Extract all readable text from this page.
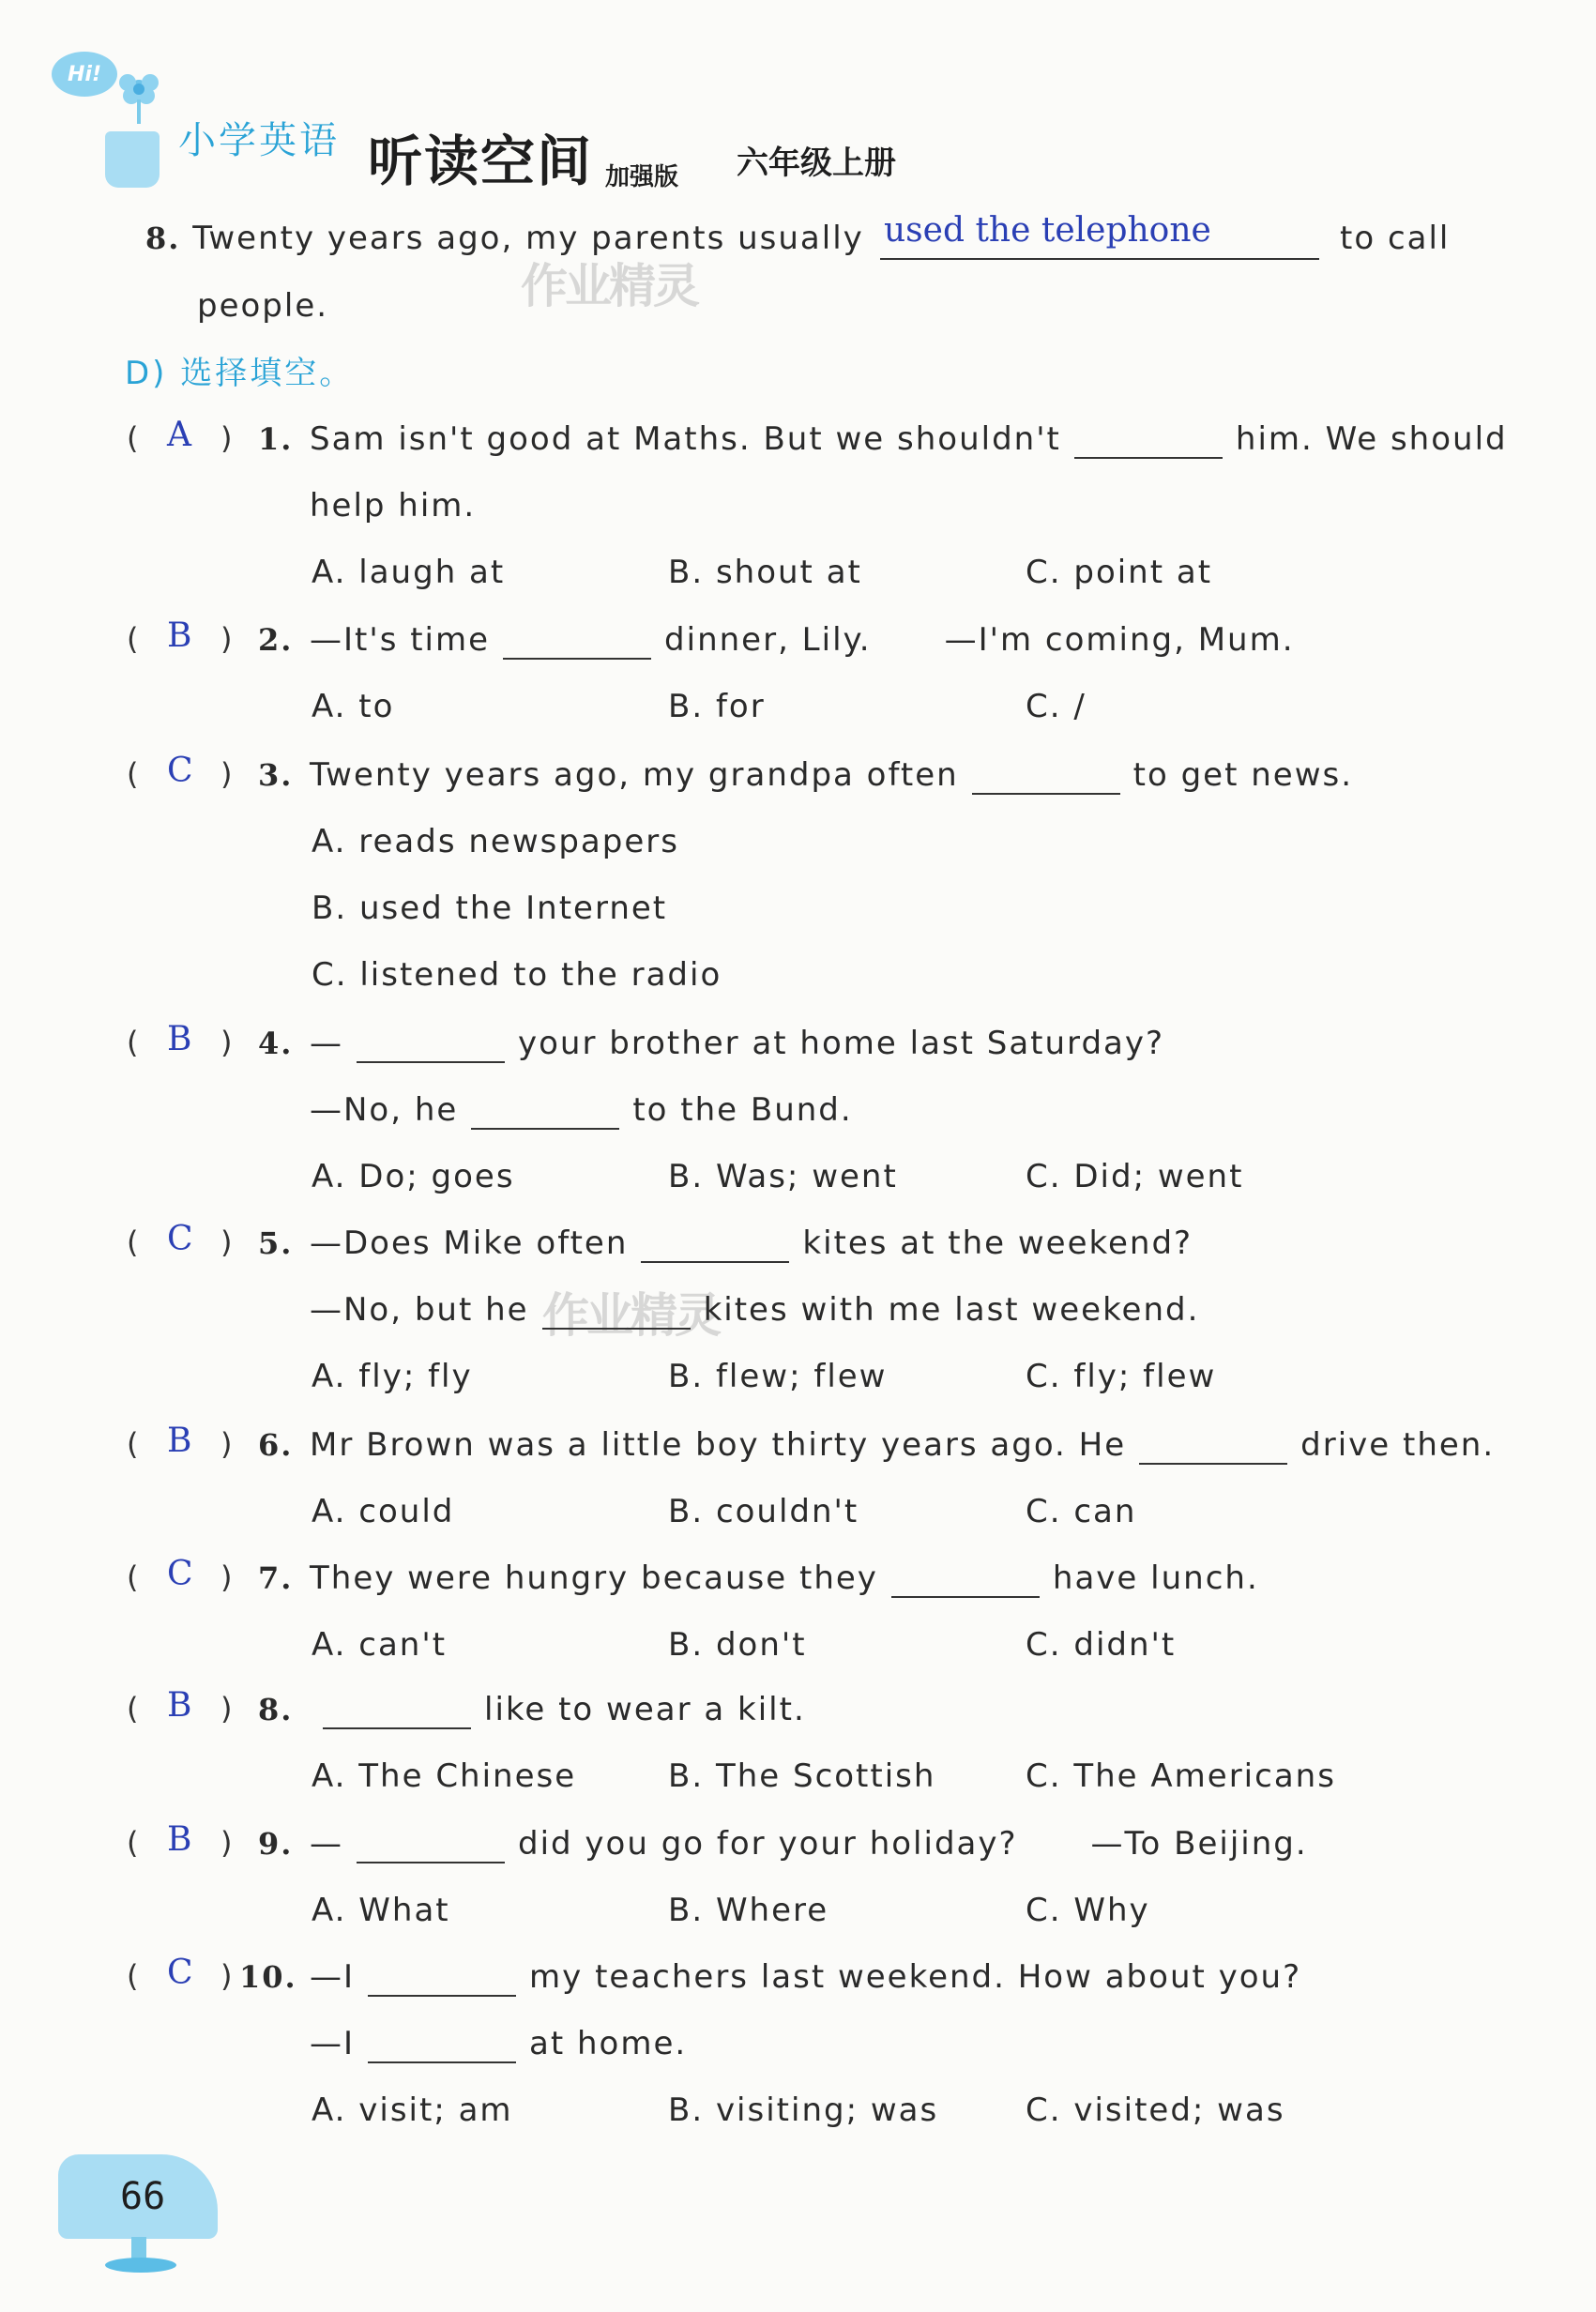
Hi!
小学英语 听读空间 加强版 六年级上册
8. Twenty years ago, my parents usually used the telephone	to call
people.	作业精灵
作业精灵
D) 选择填空。
( A ) 1. Sam isn't good at Maths. But we shouldn't	him. We should
help him.
A. laugh at	B. shout at	C. point at
( B ) 2. —It's time	dinner, Lily. —I'm coming, Mum.
A. to	B. for	C. /
( C ) 3. Twenty years ago, my grandpa often	to get news.
A. reads newspapers
B. used the Internet
C. listened to the radio
( B ) 4. —	your brother at home last Saturday?
—No, he	to the Bund.
A. Do; goes	B. Was; went	C. Did; went
( C ) 5. —Does Mike often	kites at the weekend?
—No, but he	kites with me last weekend.
A. fly; fly	B. flew; flew	C. fly; flew
( B ) 6. Mr Brown was a little boy thirty years ago. He	drive then.
A. could	B. couldn't	C. can
( C ) 7. They were hungry because they	have lunch.
A. can't	B. don't	C. didn't
( B ) 8.	like to wear a kilt.
A. The Chinese	B. The Scottish	C. The Americans
( B ) 9. —	did you go for your holiday? —To Beijing.
A. What	B. Where	C. Why
( C ) 10. —I	my teachers last weekend. How about you?
—I	at home.
A. visit; am	B. visiting; was	C. visited; was
66
